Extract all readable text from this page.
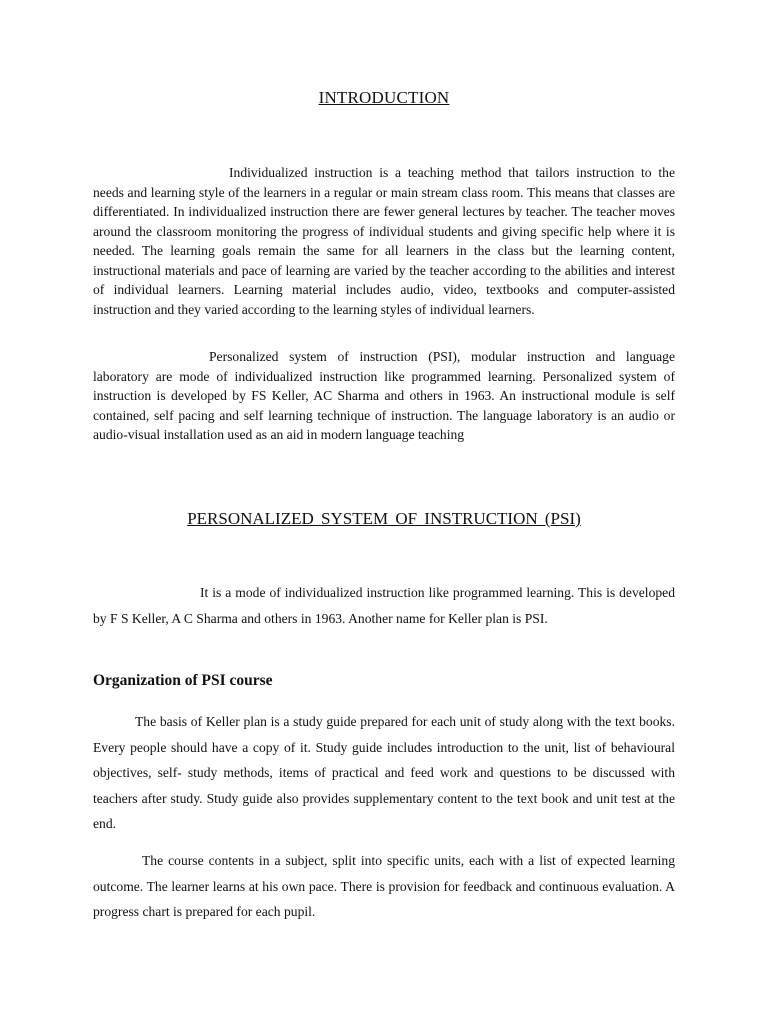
INTRODUCTION
Individualized instruction is a teaching method that tailors instruction to the needs and learning style of the learners in a regular or main stream class room. This means that classes are differentiated. In individualized instruction there are fewer general lectures by teacher. The teacher moves around the classroom monitoring the progress of individual students and giving specific help where it is needed. The learning goals remain the same for all learners in the class but the learning content, instructional materials and pace of learning are varied by the teacher according to the abilities and interest of individual learners. Learning material includes audio, video, textbooks and computer-assisted instruction and they varied according to the learning styles of individual learners.
Personalized system of instruction (PSI), modular instruction and language laboratory are mode of individualized instruction like programmed learning. Personalized system of instruction is developed by FS Keller, AC Sharma and others in 1963. An instructional module is self contained, self pacing and self learning technique of instruction. The language laboratory is an audio or audio-visual installation used as an aid in modern language teaching
PERSONALIZED SYSTEM OF INSTRUCTION (PSI)
It is a mode of individualized instruction like programmed learning. This is developed by F S Keller, A C Sharma and others in 1963. Another name for Keller plan is PSI.
Organization of PSI course
The basis of Keller plan is a study guide prepared for each unit of study along with the text books. Every people should have a copy of it. Study guide includes introduction to the unit, list of behavioural objectives, self- study methods, items of practical and feed work and questions to be discussed with teachers after study. Study guide also provides supplementary content to the text book and unit test at the end.
The course contents in a subject, split into specific units, each with a list of expected learning outcome. The learner learns at his own pace. There is provision for feedback and continuous evaluation. A progress chart is prepared for each pupil.
